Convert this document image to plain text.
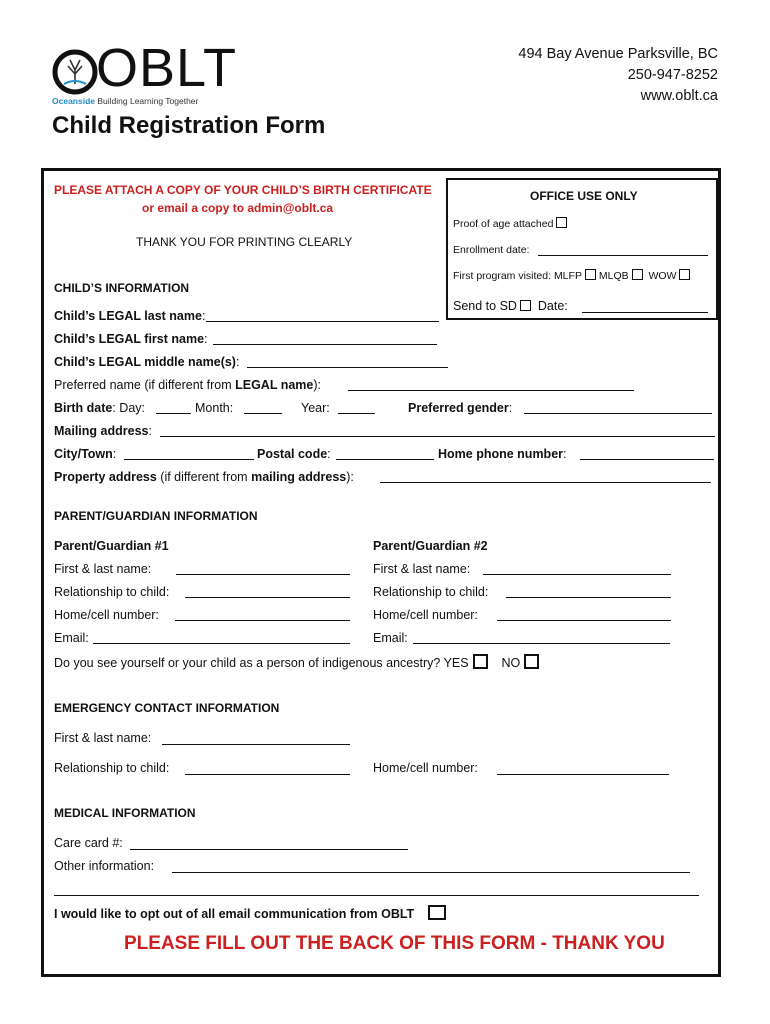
OBLT
Oceanside Building Learning Together
494 Bay Avenue Parksville, BC
250-947-8252
www.oblt.ca
Child Registration Form
PLEASE ATTACH A COPY OF YOUR CHILD’S BIRTH CERTIFICATE
or email a copy to admin@oblt.ca
THANK YOU FOR PRINTING CLEARLY
OFFICE USE ONLY
Proof of age attached
Enrollment date:
First program visited: MLFP MLQB WOW
Send to SD Date:
CHILD’S INFORMATION
Child’s LEGAL last name:
Child’s LEGAL first name:
Child’s LEGAL middle name(s):
Preferred name (if different from LEGAL name):
Birth date: Day:	Month:	Year:	Preferred gender:
Mailing address:
City/Town:	Postal code:	Home phone number:
Property address (if different from mailing address):
PARENT/GUARDIAN INFORMATION
Parent/Guardian #1	Parent/Guardian #2
First & last name:	First & last name:
Relationship to child:	Relationship to child:
Home/cell number:	Home/cell number:
Email:	Email:
Do you see yourself or your child as a person of indigenous ancestry? YES	NO
EMERGENCY CONTACT INFORMATION
First & last name:
Relationship to child:	Home/cell number:
MEDICAL INFORMATION
Care card #:
Other information:
I would like to opt out of all email communication from OBLT
PLEASE FILL OUT THE BACK OF THIS FORM - THANK YOU
